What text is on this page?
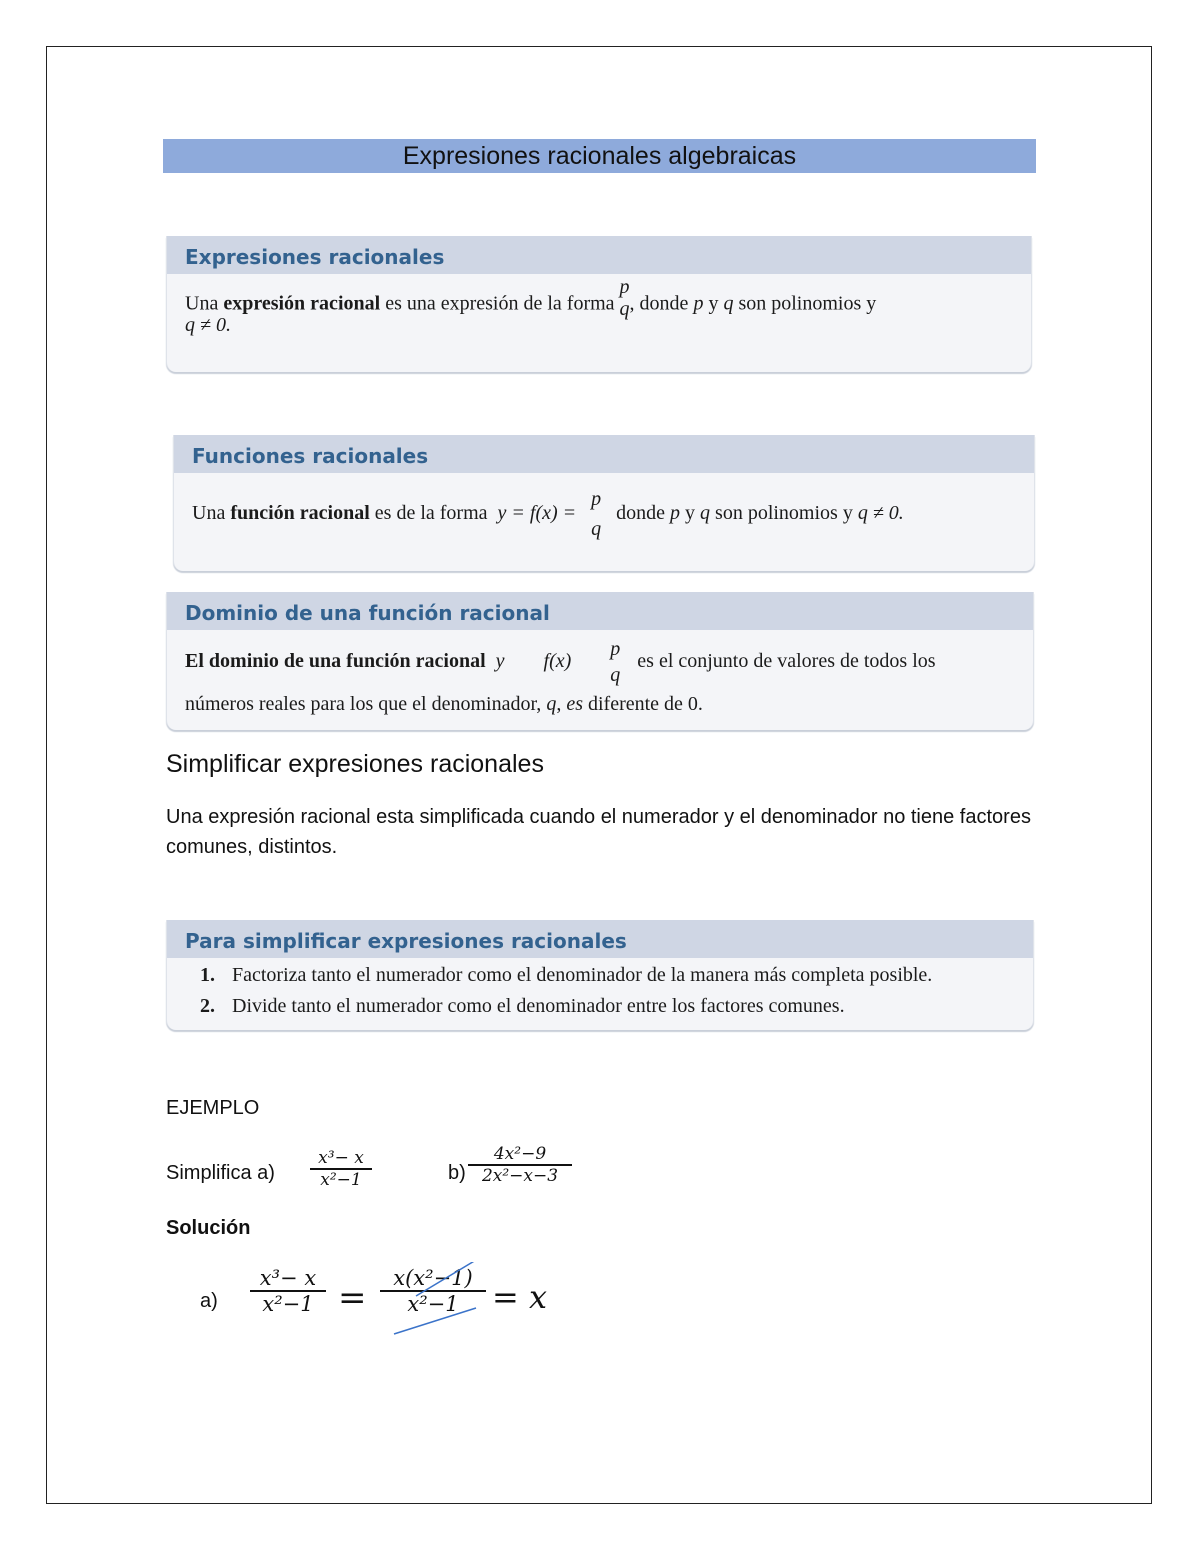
Expresiones racionales algebraicas
Expresiones racionales
Una expresión racional es una expresión de la forma
p
q , donde p y q son polinomios y
q ≠ 0.
Funciones racionales
Una función racional es de la forma y = f(x) =
p
q
donde p y q son polinomios y q ≠ 0.
Dominio de una función racional
El dominio de una función racional y f(x)
p
q
es el conjunto de valores de todos los
números reales para los que el denominador, q, es diferente de 0.
Simplificar expresiones racionales
Una expresión racional esta simplificada cuando el numerador y el denominador no tiene factores comunes, distintos.
Para simplificar expresiones racionales
1. Factoriza tanto el numerador como el denominador de la manera más completa posible.
2. Divide tanto el numerador como el denominador entre los factores comunes.
EJEMPLO
Simplifica $a) \frac{\text{x³− x}}{\text{x²−1}}$	$b) \frac{\text{4x²−9}}{\text{2x²−x−3}}$
Solución
$a) \frac{\text{x³− x}}{\text{x²−1}} = \frac{\text{x(x²−1)}}{\text{x²−1}} = x$
